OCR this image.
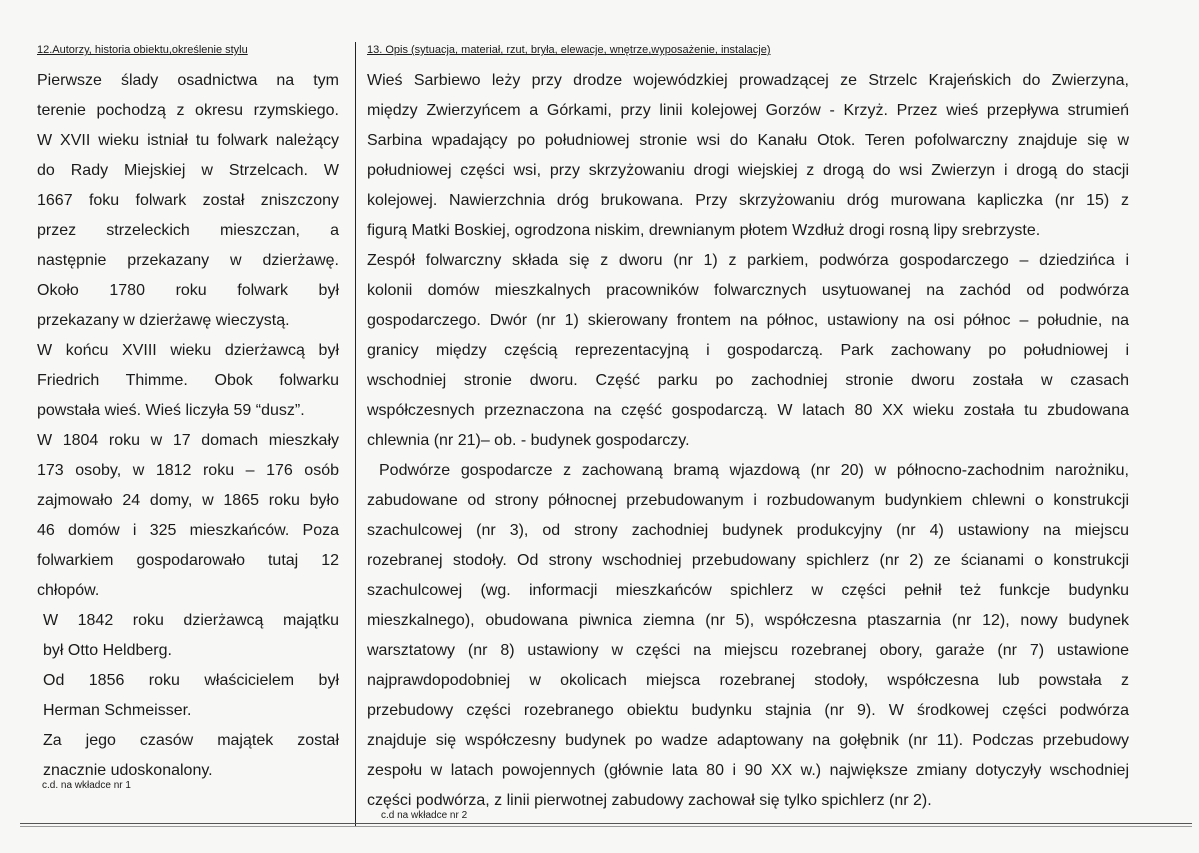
12.Autorzy, historia obiektu,określenie stylu	13. Opis (sytuacja, materiał, rzut, bryła, elewacje, wnętrze,wyposażenie, instalacje)

Pierwsze ślady osadnictwa na tym

terenie pochodzą z okresu rzymskiego.

W XVII wieku istniał tu folwark należący

do Rady Miejskiej w Strzelcach. W

1667 foku folwark został zniszczony

przez strzeleckich mieszczan, a

następnie przekazany w dzierżawę.

Około 1780 roku folwark był

przekazany w dzierżawę wieczystą.

W końcu XVIII wieku dzierżawcą był

Friedrich Thimme. Obok folwarku

powstała wieś. Wieś liczyła 59 “dusz”.

W 1804 roku w 17 domach mieszkały

173 osoby, w 1812 roku – 176 osób

zajmowało 24 domy, w 1865 roku było

46 domów i 325 mieszkańców. Poza

folwarkiem gospodarowało tutaj 12

chłopów.

W 1842 roku dzierżawcą majątku

był Otto Heldberg.

Od 1856 roku właścicielem był

Herman Schmeisser.

Za jego czasów majątek został

znacznie udoskonalony.

c.d. na wkładce nr 1

Wieś Sarbiewo leży przy drodze wojewódzkiej prowadzącej ze Strzelc Krajeńskich do Zwierzyna,

między Zwierzyńcem a Górkami, przy linii kolejowej Gorzów - Krzyż. Przez wieś przepływa strumień

Sarbina wpadający po południowej stronie wsi do Kanału Otok. Teren pofolwarczny znajduje się w

południowej części wsi, przy skrzyżowaniu drogi wiejskiej z drogą do wsi Zwierzyn i drogą do stacji

kolejowej. Nawierzchnia dróg brukowana. Przy skrzyżowaniu dróg murowana kapliczka (nr 15) z

figurą Matki Boskiej, ogrodzona niskim, drewnianym płotem Wzdłuż drogi rosną lipy srebrzyste.

Zespół folwarczny składa się z dworu (nr 1) z parkiem, podwórza gospodarczego – dziedzińca i

kolonii domów mieszkalnych pracowników folwarcznych usytuowanej na zachód od podwórza

gospodarczego. Dwór (nr 1) skierowany frontem na północ, ustawiony na osi północ – południe, na

granicy między częścią reprezentacyjną i gospodarczą. Park zachowany po południowej i

wschodniej stronie dworu. Część parku po zachodniej stronie dworu została w czasach

współczesnych przeznaczona na część gospodarczą. W latach 80 XX wieku została tu zbudowana

chlewnia (nr 21)– ob. - budynek gospodarczy.

Podwórze gospodarcze z zachowaną bramą wjazdową (nr 20) w północno-zachodnim narożniku,

zabudowane od strony północnej przebudowanym i rozbudowanym budynkiem chlewni o konstrukcji

szachulcowej (nr 3), od strony zachodniej budynek produkcyjny (nr 4) ustawiony na miejscu

rozebranej stodoły. Od strony wschodniej przebudowany spichlerz (nr 2) ze ścianami o konstrukcji

szachulcowej (wg. informacji mieszkańców spichlerz w części pełnił też funkcje budynku

mieszkalnego), obudowana piwnica ziemna (nr 5), współczesna ptaszarnia (nr 12), nowy budynek

warsztatowy (nr 8) ustawiony w części na miejscu rozebranej obory, garaże (nr 7) ustawione

najprawdopodobniej w okolicach miejsca rozebranej stodoły, współczesna lub powstała z

przebudowy części rozebranego obiektu budynku stajnia (nr 9). W środkowej części podwórza

znajduje się współczesny budynek po wadze adaptowany na gołębnik (nr 11). Podczas przebudowy

zespołu w latach powojennych (głównie lata 80 i 90 XX w.) największe zmiany dotyczyły wschodniej

części podwórza, z linii pierwotnej zabudowy zachował się tylko spichlerz (nr 2).

c.d na wkładce nr 2
